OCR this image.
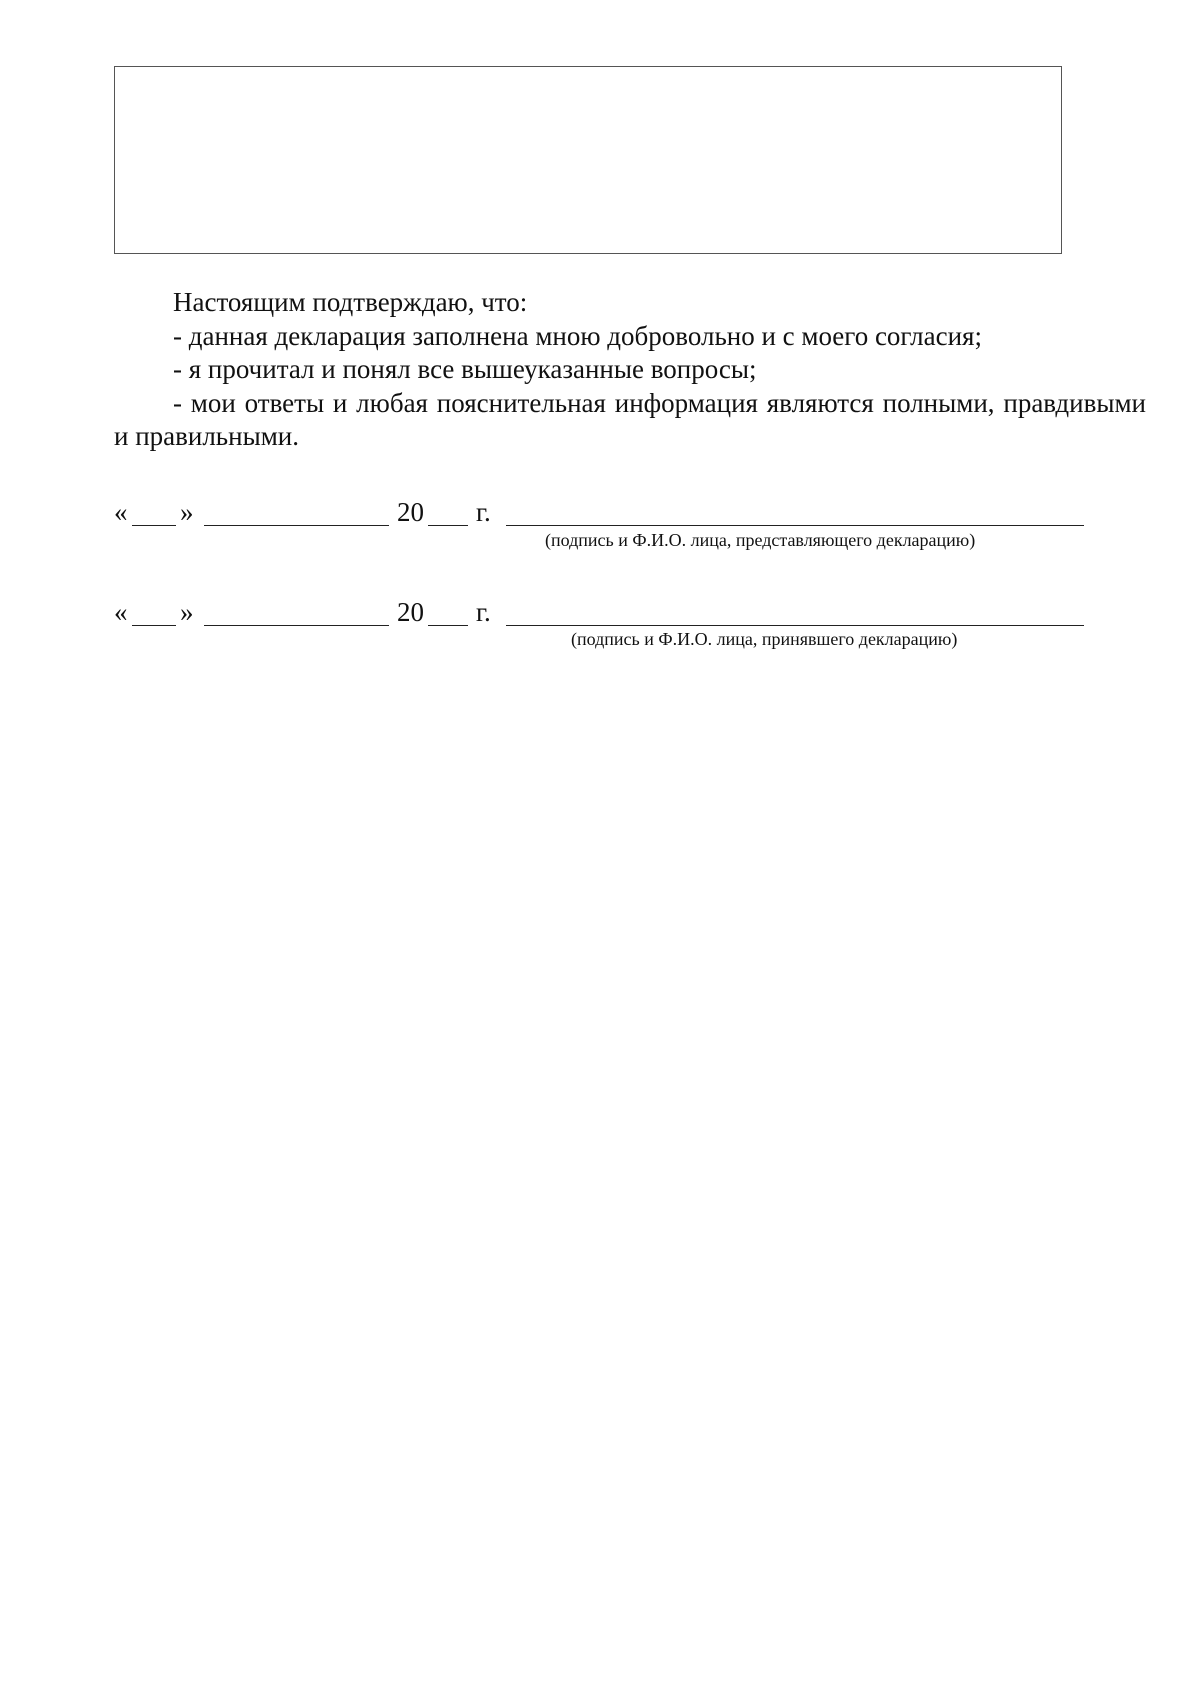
Настоящим подтверждаю, что:

- данная декларация заполнена мною добровольно и с моего согласия;

- я прочитал и понял все вышеуказанные вопросы;

- мои ответы и любая пояснительная информация являются полными, правдивыми и правильными.

« »	20 г.
(подпись и Ф.И.О. лица, представляющего декларацию)
« »	20 г.
(подпись и Ф.И.О. лица, принявшего декларацию)
